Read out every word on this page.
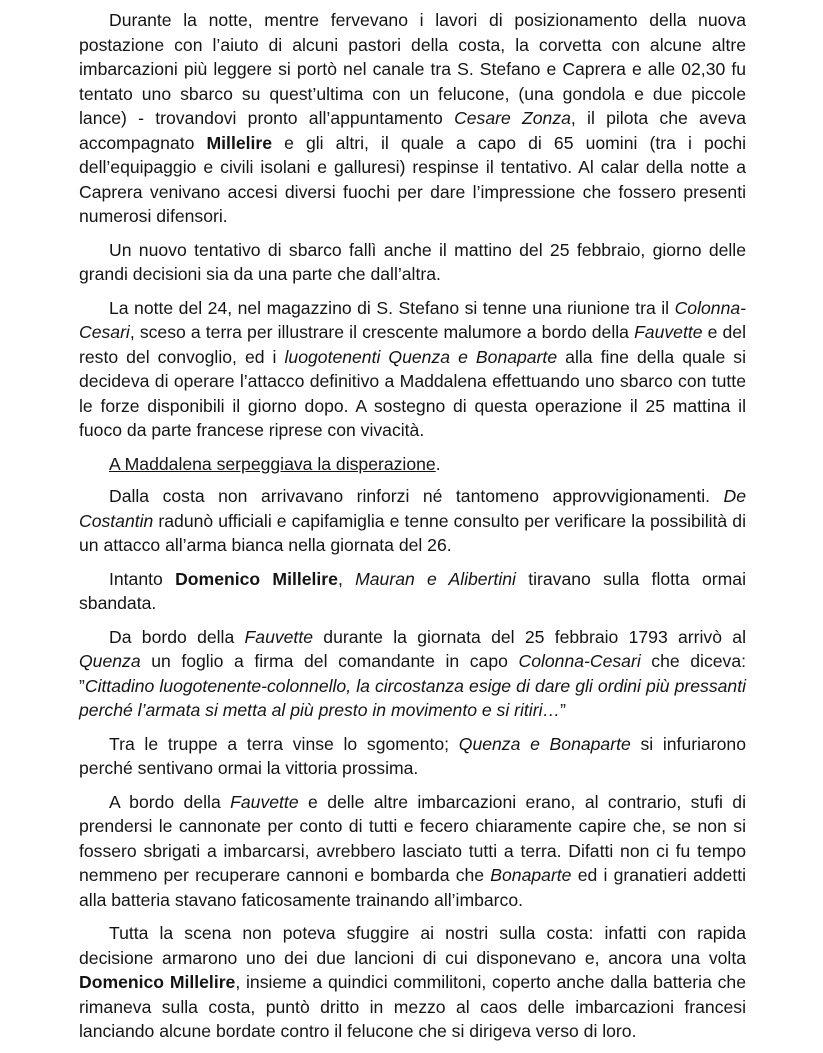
Durante la notte, mentre fervevano i lavori di posizionamento della nuova postazione con l’aiuto di alcuni pastori della costa, la corvetta con alcune altre imbarcazioni più leggere si portò nel canale tra S. Stefano e Caprera e alle 02,30 fu tentato uno sbarco su quest’ultima con un felucone, (una gondola e due piccole lance) - trovandovi pronto all’appuntamento Cesare Zonza, il pilota che aveva accompagnato Millelire e gli altri, il quale a capo di 65 uomini (tra i pochi dell’equipaggio e civili isolani e galluresi) respinse il tentativo. Al calar della notte a Caprera venivano accesi diversi fuochi per dare l’impressione che fossero presenti numerosi difensori.

Un nuovo tentativo di sbarco fallì anche il mattino del 25 febbraio, giorno delle grandi decisioni sia da una parte che dall’altra.

La notte del 24, nel magazzino di S. Stefano si tenne una riunione tra il Colonna-Cesari, sceso a terra per illustrare il crescente malumore a bordo della Fauvette e del resto del convoglio, ed i luogotenenti Quenza e Bonaparte alla fine della quale si decideva di operare l’attacco definitivo a Maddalena effettuando uno sbarco con tutte le forze disponibili il giorno dopo. A sostegno di questa operazione il 25 mattina il fuoco da parte francese riprese con vivacità.

A Maddalena serpeggiava la disperazione.

Dalla costa non arrivavano rinforzi né tantomeno approvvigionamenti. De Costantin radunò ufficiali e capifamiglia e tenne consulto per verificare la possibilità di un attacco all’arma bianca nella giornata del 26.

Intanto Domenico Millelire, Mauran e Alibertini tiravano sulla flotta ormai sbandata.

Da bordo della Fauvette durante la giornata del 25 febbraio 1793 arrivò al Quenza un foglio a firma del comandante in capo Colonna-Cesari che diceva: ”Cittadino luogotenente-colonnello, la circostanza esige di dare gli ordini più pressanti perché l’armata si metta al più presto in movimento e si ritiri…”

Tra le truppe a terra vinse lo sgomento; Quenza e Bonaparte si infuriarono perché sentivano ormai la vittoria prossima.

A bordo della Fauvette e delle altre imbarcazioni erano, al contrario, stufi di prendersi le cannonate per conto di tutti e fecero chiaramente capire che, se non si fossero sbrigati a imbarcarsi, avrebbero lasciato tutti a terra. Difatti non ci fu tempo nemmeno per recuperare cannoni e bombarda che Bonaparte ed i granatieri addetti alla batteria stavano faticosamente trainando all’imbarco.

Tutta la scena non poteva sfuggire ai nostri sulla costa: infatti con rapida decisione armarono uno dei due lancioni di cui disponevano e, ancora una volta Domenico Millelire, insieme a quindici commilitoni, coperto anche dalla batteria che rimaneva sulla costa, puntò dritto in mezzo al caos delle imbarcazioni francesi lanciando alcune bordate contro il felucone che si dirigeva verso di loro.
